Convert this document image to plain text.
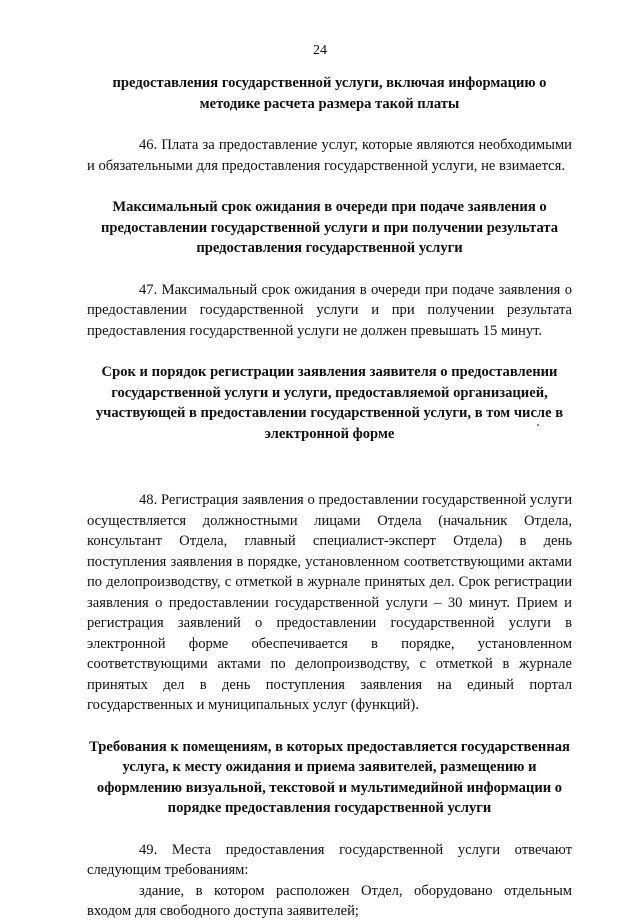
24

предоставления государственной услуги, включая информацию о методике расчета размера такой платы

46. Плата за предоставление услуг, которые являются необходимыми и обязательными для предоставления государственной услуги, не взимается.

Максимальный срок ожидания в очереди при подаче заявления о предоставлении государственной услуги и при получении результата предоставления государственной услуги

47. Максимальный срок ожидания в очереди при подаче заявления о предоставлении государственной услуги и при получении результата предоставления государственной услуги не должен превышать 15 минут.

Срок и порядок регистрации заявления заявителя о предоставлении государственной услуги и услуги, предоставляемой организацией, участвующей в предоставлении государственной услуги, в том числе в электронной форме

48. Регистрация заявления о предоставлении государственной услуги осуществляется должностными лицами Отдела (начальник Отдела, консультант Отдела, главный специалист-эксперт Отдела) в день поступления заявления в порядке, установленном соответствующими актами по делопроизводству, с отметкой в журнале принятых дел. Срок регистрации заявления о предоставлении государственной услуги – 30 минут. Прием и регистрация заявлений о предоставлении государственной услуги в электронной форме обеспечивается в порядке, установленном соответствующими актами по делопроизводству, с отметкой в журнале принятых дел в день поступления заявления на единый портал государственных и муниципальных услуг (функций).

Требования к помещениям, в которых предоставляется государственная услуга, к месту ожидания и приема заявителей, размещению и оформлению визуальной, текстовой и мультимедийной информации о порядке предоставления государственной услуги

49. Места предоставления государственной услуги отвечают следующим требованиям:

здание, в котором расположен Отдел, оборудовано отдельным входом для свободного доступа заявителей;
